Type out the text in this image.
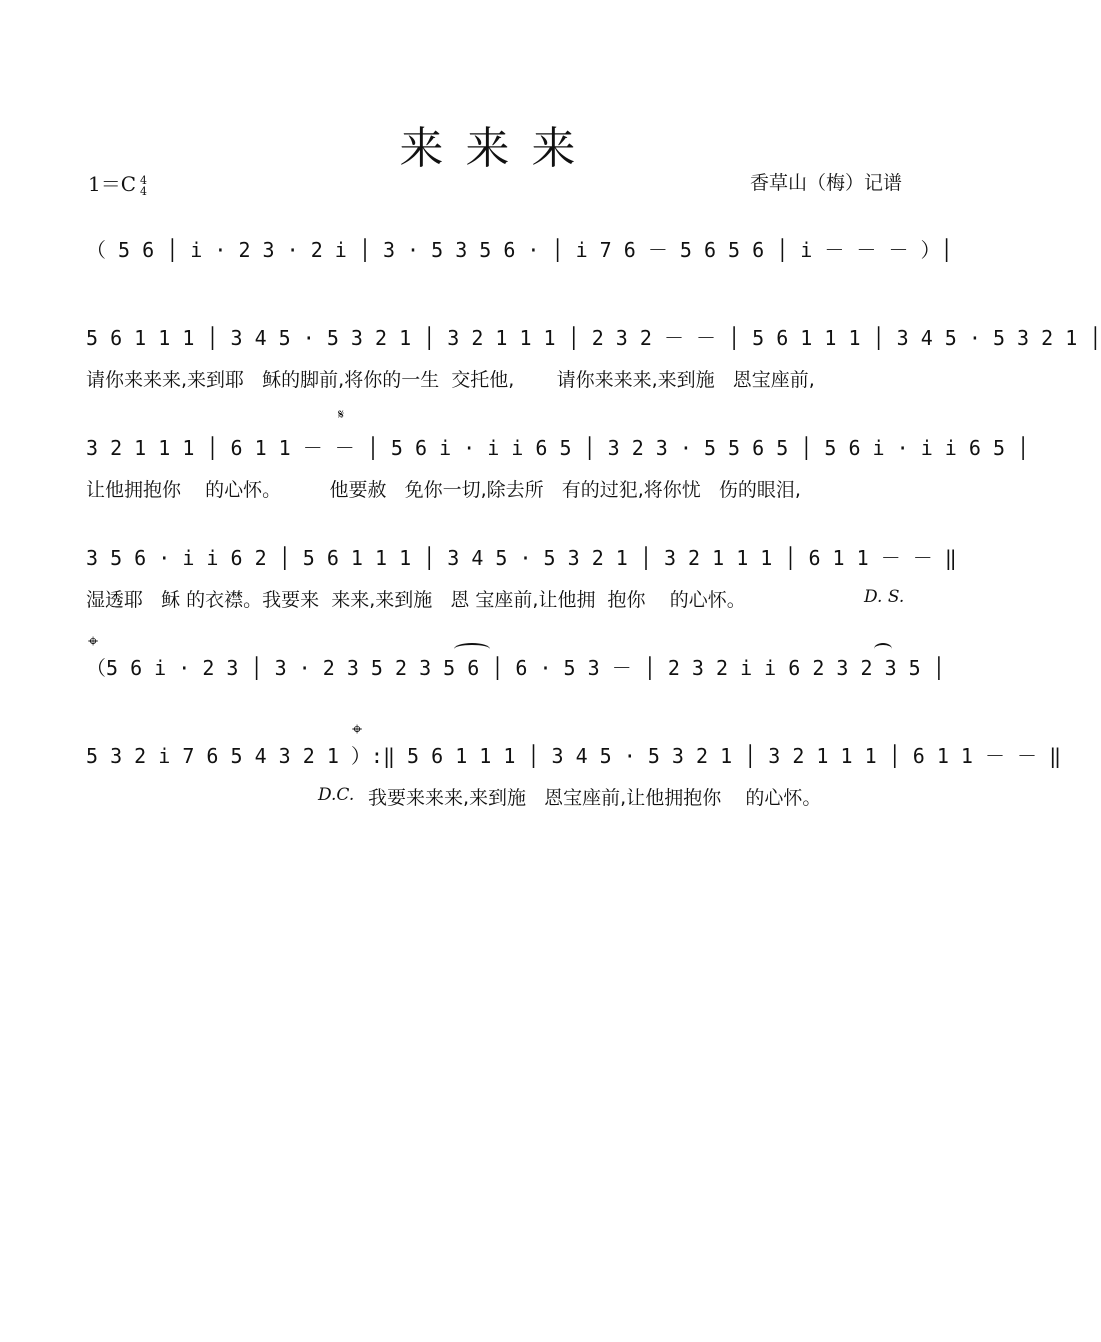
来来来
1＝C 4
4	香草山（梅）记谱
（ 5 6 │ i · 2 3 · 2 i │ 3 · 5 3 5 6 · │ i 7 6 － 5 6 5 6 │ i － － － ）│
5 6 1 1 1 │ 3 4 5 · 5 3 2 1 │ 3 2 1 1 1 │ 2 3 2 － － │ 5 6 1 1 1 │ 3 4 5 · 5 3 2 1 │
请你来来来,来到耶   稣的脚前,将你的一生  交托他,       请你来来来,来到施   恩宝座前,
𝄋
3 2 1 1 1 │ 6 1 1 － － │ 5 6 i · i i 6 5 │ 3 2 3 · 5 5 6 5 │ 5 6 i · i i 6 5 │
让他拥抱你    的心怀。        他要赦   免你一切,除去所   有的过犯,将你忧   伤的眼泪,
3 5 6 · i i 6 2 │ 5 6 1 1 1 │ 3 4 5 · 5 3 2 1 │ 3 2 1 1 1 │ 6 1 1 － － ‖
湿透耶   稣 的衣襟。我要来  来来,来到施   恩 宝座前,让他拥  抱你    的心怀。	D. S.
⌖
（5 6 i · 2 3 │ 3 · 2 3 5 2 3 5 6 │ 6 · 5 3 － │ 2 3 2 i i 6 2 3 2 3 5 │
⌖
5 3 2 i 7 6 5 4 3 2 1 ）:‖ 5 6 1 1 1 │ 3 4 5 · 5 3 2 1 │ 3 2 1 1 1 │ 6 1 1 － － ‖
D.C. 我要来来来,来到施   恩宝座前,让他拥抱你    的心怀。
